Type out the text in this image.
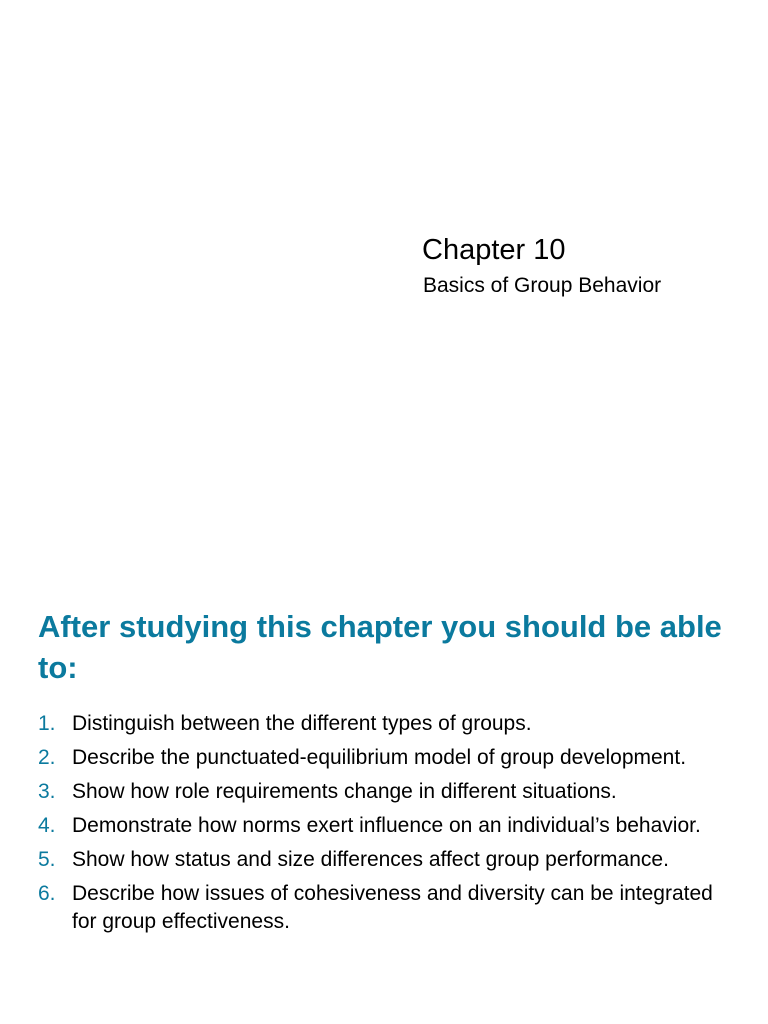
Chapter 10

Basics of Group Behavior

After studying this chapter you should be able to:
1. Distinguish between the different types of groups.
2. Describe the punctuated-equilibrium model of group development.
3. Show how role requirements change in different situations.
4. Demonstrate how norms exert influence on an individual’s behavior.
5. Show how status and size differences affect group performance.
6. Describe how issues of cohesiveness and diversity can be integrated for group effectiveness.
